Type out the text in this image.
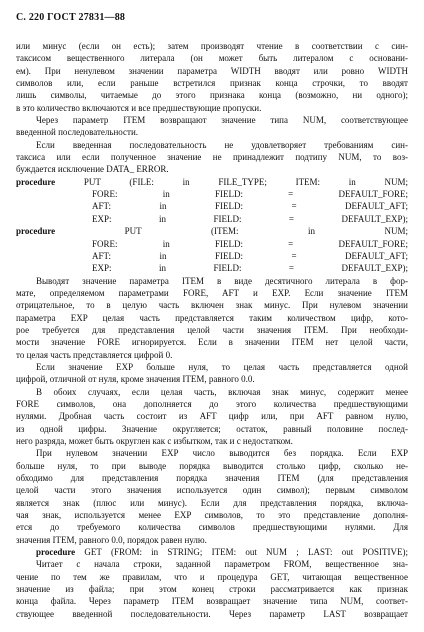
С. 220 ГОСТ 27831—88
или минус (если он есть); затем производят чтение в соответствии с син-
таксисом вещественного литерала (он может быть литералом с основани-
ем). При ненулевом значении параметра WIDTH вводят или ровно WIDTH
символов или, если раньше встретился признак конца строчки, то вводят
лишь символы, читаемые до этого признака конца (возможно, ни одного);
в это количество включаются и все предшествующие пропуски.
Через параметр ITEM возвращают значение типа NUM, соответствующее
введенной последовательности.
Если введенная последовательность не удовлетворяет требованиям син-
таксиса или если полученное значение не принадлежит подтипу NUM, то воз-
буждается исключение DATA_ ERROR.
procedure PUT (FILE: in FILE_TYPE; ITEM: in NUM;
FORE: in FIELD: = DEFAULT_FORE;
AFT: in FIELD: = DEFAULT_AFT;
EXP: in FIELD: = DEFAULT_EXP);
procedure PUT (ITEM: in NUM;
FORE: in FIELD: = DEFAULT_FORE;
AFT: in FIELD: = DEFAULT_AFT;
EXP: in FIELD: = DEFAULT_EXP);
Выводят значение параметра ITEM в виде десятичного литерала в фор-
мате, определяемом параметрами FORE, AFT и EXP. Если значение ITEM
отрицательное, то в целую часть включен знак минус. При нулевом значении
параметра EXP целая часть представляется таким количеством цифр, кото-
рое требуется для представления целой части значения ITEM. При необходи-
мости значение FORE игнорируется. Если в значении ITEM нет целой части,
то целая часть представляется цифрой 0.
Если значение EXP больше нуля, то целая часть представляется одной
цифрой, отличной от нуля, кроме значения ITEM, равного 0.0.
В обоих случаях, если целая часть, включая знак минус, содержит менее
FORE символов, она дополняется до этого количества предшествующими
нулями. Дробная часть состоит из AFT цифр или, при AFT равном нулю,
из одной цифры. Значение округляется; остаток, равный половине послед-
него разряда, может быть округлен как с избытком, так и с недостатком.
При нулевом значении EXP число выводится без порядка. Если EXP
больше нуля, то при выводе порядка выводится столько цифр, сколько не-
обходимо для представления порядка значения ITEM (для представления
целой части этого значения используется один символ); первым символом
является знак (плюс или минус). Если для представления порядка, включа-
чая знак, используется менее EXP символов, то это представление дополня-
ется до требуемого количества символов предшествующими нулями. Для
значения ITEM, равного 0.0, порядок равен нулю.
procedure GET (FROM: in STRING; ITEM: out NUM ; LAST: out POSITIVE);
Читает с начала строки, заданной параметром FROM, вещественное зна-
чение по тем же правилам, что и процедура GET, читающая вещественное
значение из файла; при этом конец строки рассматривается как признак
конца файла. Через параметр ITEM возвращает значение типа NUM, соответ-
ствующее введенной последовательности. Через параметр LAST возвращает
